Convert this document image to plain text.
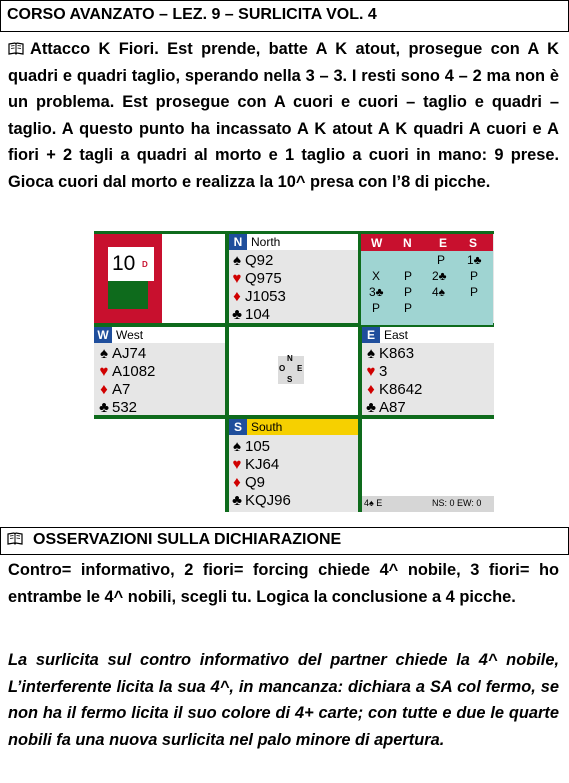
CORSO AVANZATO – LEZ. 9 – SURLICITA VOL. 4
Attacco K Fiori. Est prende, batte A K atout, prosegue con A K quadri e quadri taglio, sperando nella 3 – 3. I resti sono 4 – 2 ma non è un problema. Est prosegue con A cuori e cuori – taglio e quadri – taglio. A questo punto ha incassato A K atout A K quadri A cuori e A fiori + 2 tagli a quadri al morto e 1 taglio a cuori in mano: 9 prese. Gioca cuori dal morto e realizza la 10^ presa con l’8 di picche.
10 D
N North
♠ Q92
♥ Q975
♦ J1053
♣ 104
W West
♠ AJ74
♥ A1082
♦ A7
♣ 532
N
O E
S
E East
♠ K863
♥ 3
♦ K8642
♣ A87
S South
♠ 105
♥ KJ64
♦ Q9
♣ KQJ96	4♠ E	NS: 0 EW: 0
W N E S
P 1♣
X P 2♣ P
3♣ P 4♠ P
P P
OSSERVAZIONI SULLA DICHIARAZIONE
Contro= informativo, 2 fiori= forcing chiede 4^ nobile, 3 fiori= ho entrambe le 4^ nobili, scegli tu. Logica la conclusione a 4 picche.
La surlicita sul contro informativo del partner chiede la 4^ nobile, L’interferente licita la sua 4^, in mancanza: dichiara a SA col fermo, se non ha il fermo licita il suo colore di 4+ carte; con tutte e due le quarte nobili fa una nuova surlicita nel palo minore di apertura.
